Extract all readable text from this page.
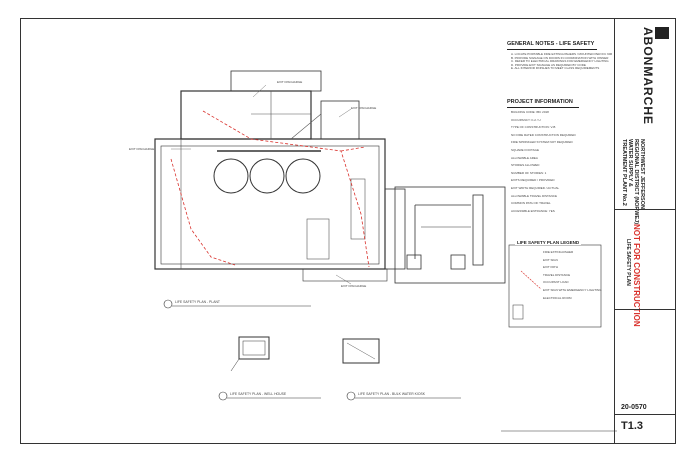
EXIT DISCHARGE
EXIT DISCHARGE
EXIT DISCHARGE
EXIT DISCHARGE
GENERAL NOTES - LIFE SAFETY
A. LOCATE PORTABLE FIRE EXTINGUISHERS / MOUNTED PER IFC 906
B. PROVIDE SIGNAGE ON DOORS IN COORDINATION WITH OWNER
C. REFER TO ELECTRICAL DRAWINGS FOR EMERGENCY LIGHTING
D. PROVIDE EXIT SIGNAGE AS REQUIRED BY CODE
E. ALL INTERIOR FINISHES TO MEET CLASS REQUIREMENTS
PROJECT INFORMATION
BUILDING CODE: IBC 2018
OCCUPANCY: F-2 / U
TYPE OF CONSTRUCTION: V-B
NO FIRE RATED CONSTRUCTION REQUIRED
FIRE SPRINKLER SYSTEM NOT REQUIRED
SQUARE FOOTAGE
ALLOWABLE AREA
STORIES ALLOWED
NUMBER OF STORIES: 1
EXITS REQUIRED / PROVIDED
EXIT WIDTH REQUIRED / ACTUAL
ALLOWABLE TRAVEL DISTANCE
COMMON PATH OF TRAVEL
ACCESSIBLE ENTRANCE: YES
LIFE SAFETY PLAN LEGEND
FIRE EXTINGUISHER
EXIT SIGN
EXIT PATH
TRAVEL DISTANCE
OCCUPANT LOAD
EXIT SIGN WITH EMERGENCY LIGHTING
ELECTRICAL ROOM
LIFE SAFETY PLAN - PLANT
LIFE SAFETY PLAN - WELL HOUSE	LIFE SAFETY PLAN - BULK WATER KIOSK
ABONMARCHE
NORTHWEST JEFFERSON
REGIONAL DISTRICT (NORWEJ)
WATER SUPPLY &
TREATMENT PLANT No.2
NOT FOR CONSTRUCTION
LIFE SAFETY PLAN
20-0570
T1.3
